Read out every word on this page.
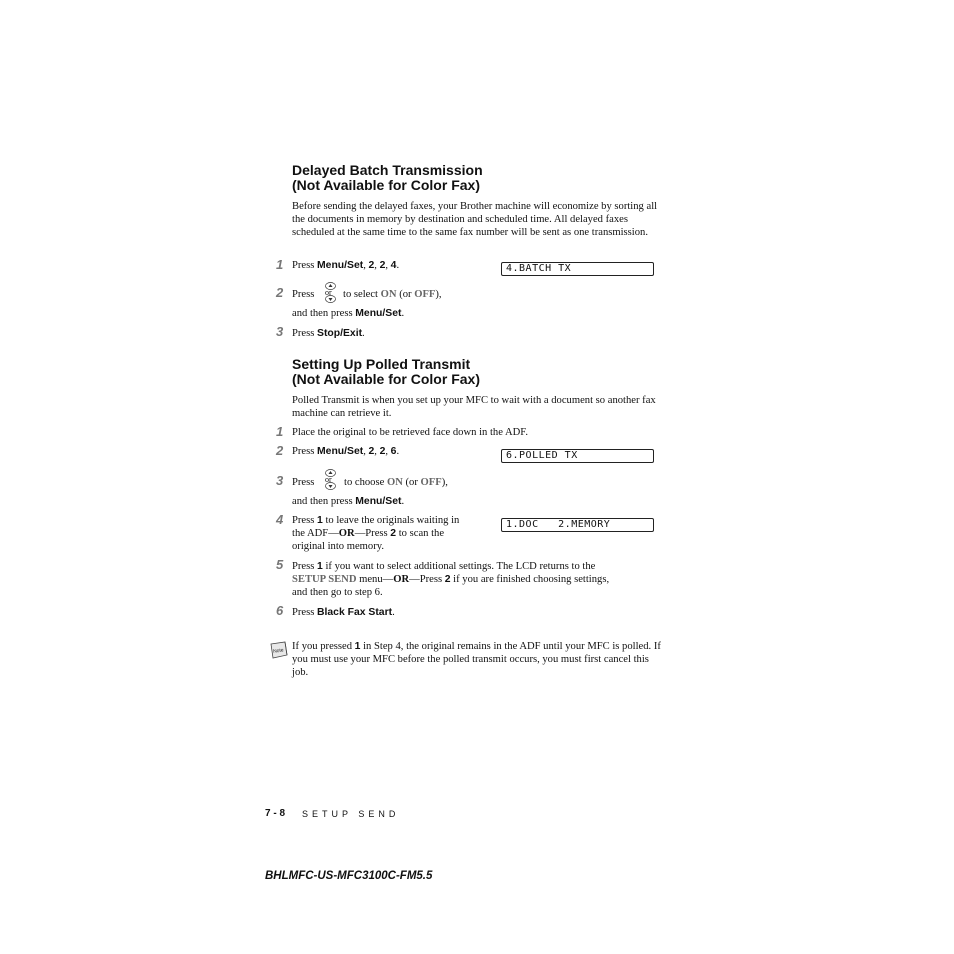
Delayed Batch Transmission
(Not Available for Color Fax)
Before sending the delayed faxes, your Brother machine will economize by sorting all the documents in memory by destination and scheduled time. All delayed faxes scheduled at the same time to the same fax number will be sent as one transmission.
1 Press Menu/Set, 2, 2, 4.	4.BATCH TX
2 Press or to select ON (or OFF),
and then press Menu/Set.
3 Press Stop/Exit.
Setting Up Polled Transmit
(Not Available for Color Fax)
Polled Transmit is when you set up your MFC to wait with a document so another fax machine can retrieve it.
1 Place the original to be retrieved face down in the ADF.
2 Press Menu/Set, 2, 2, 6.	6.POLLED TX
3 Press or to choose ON (or OFF),
and then press Menu/Set.
4 Press 1 to leave the originals waiting in
the ADF—OR—Press 2 to scan the
original into memory.
1.DOC   2.MEMORY
5 Press 1 if you want to select additional settings. The LCD returns to the
SETUP SEND menu—OR—Press 2 if you are finished choosing settings,
and then go to step 6.
6 Press Black Fax Start.
Note If you pressed 1 in Step 4, the original remains in the ADF until your MFC is polled. If you must use your MFC before the polled transmit occurs, you must first cancel this job.
7 - 8 SETUP SEND
BHLMFC-US-MFC3100C-FM5.5
